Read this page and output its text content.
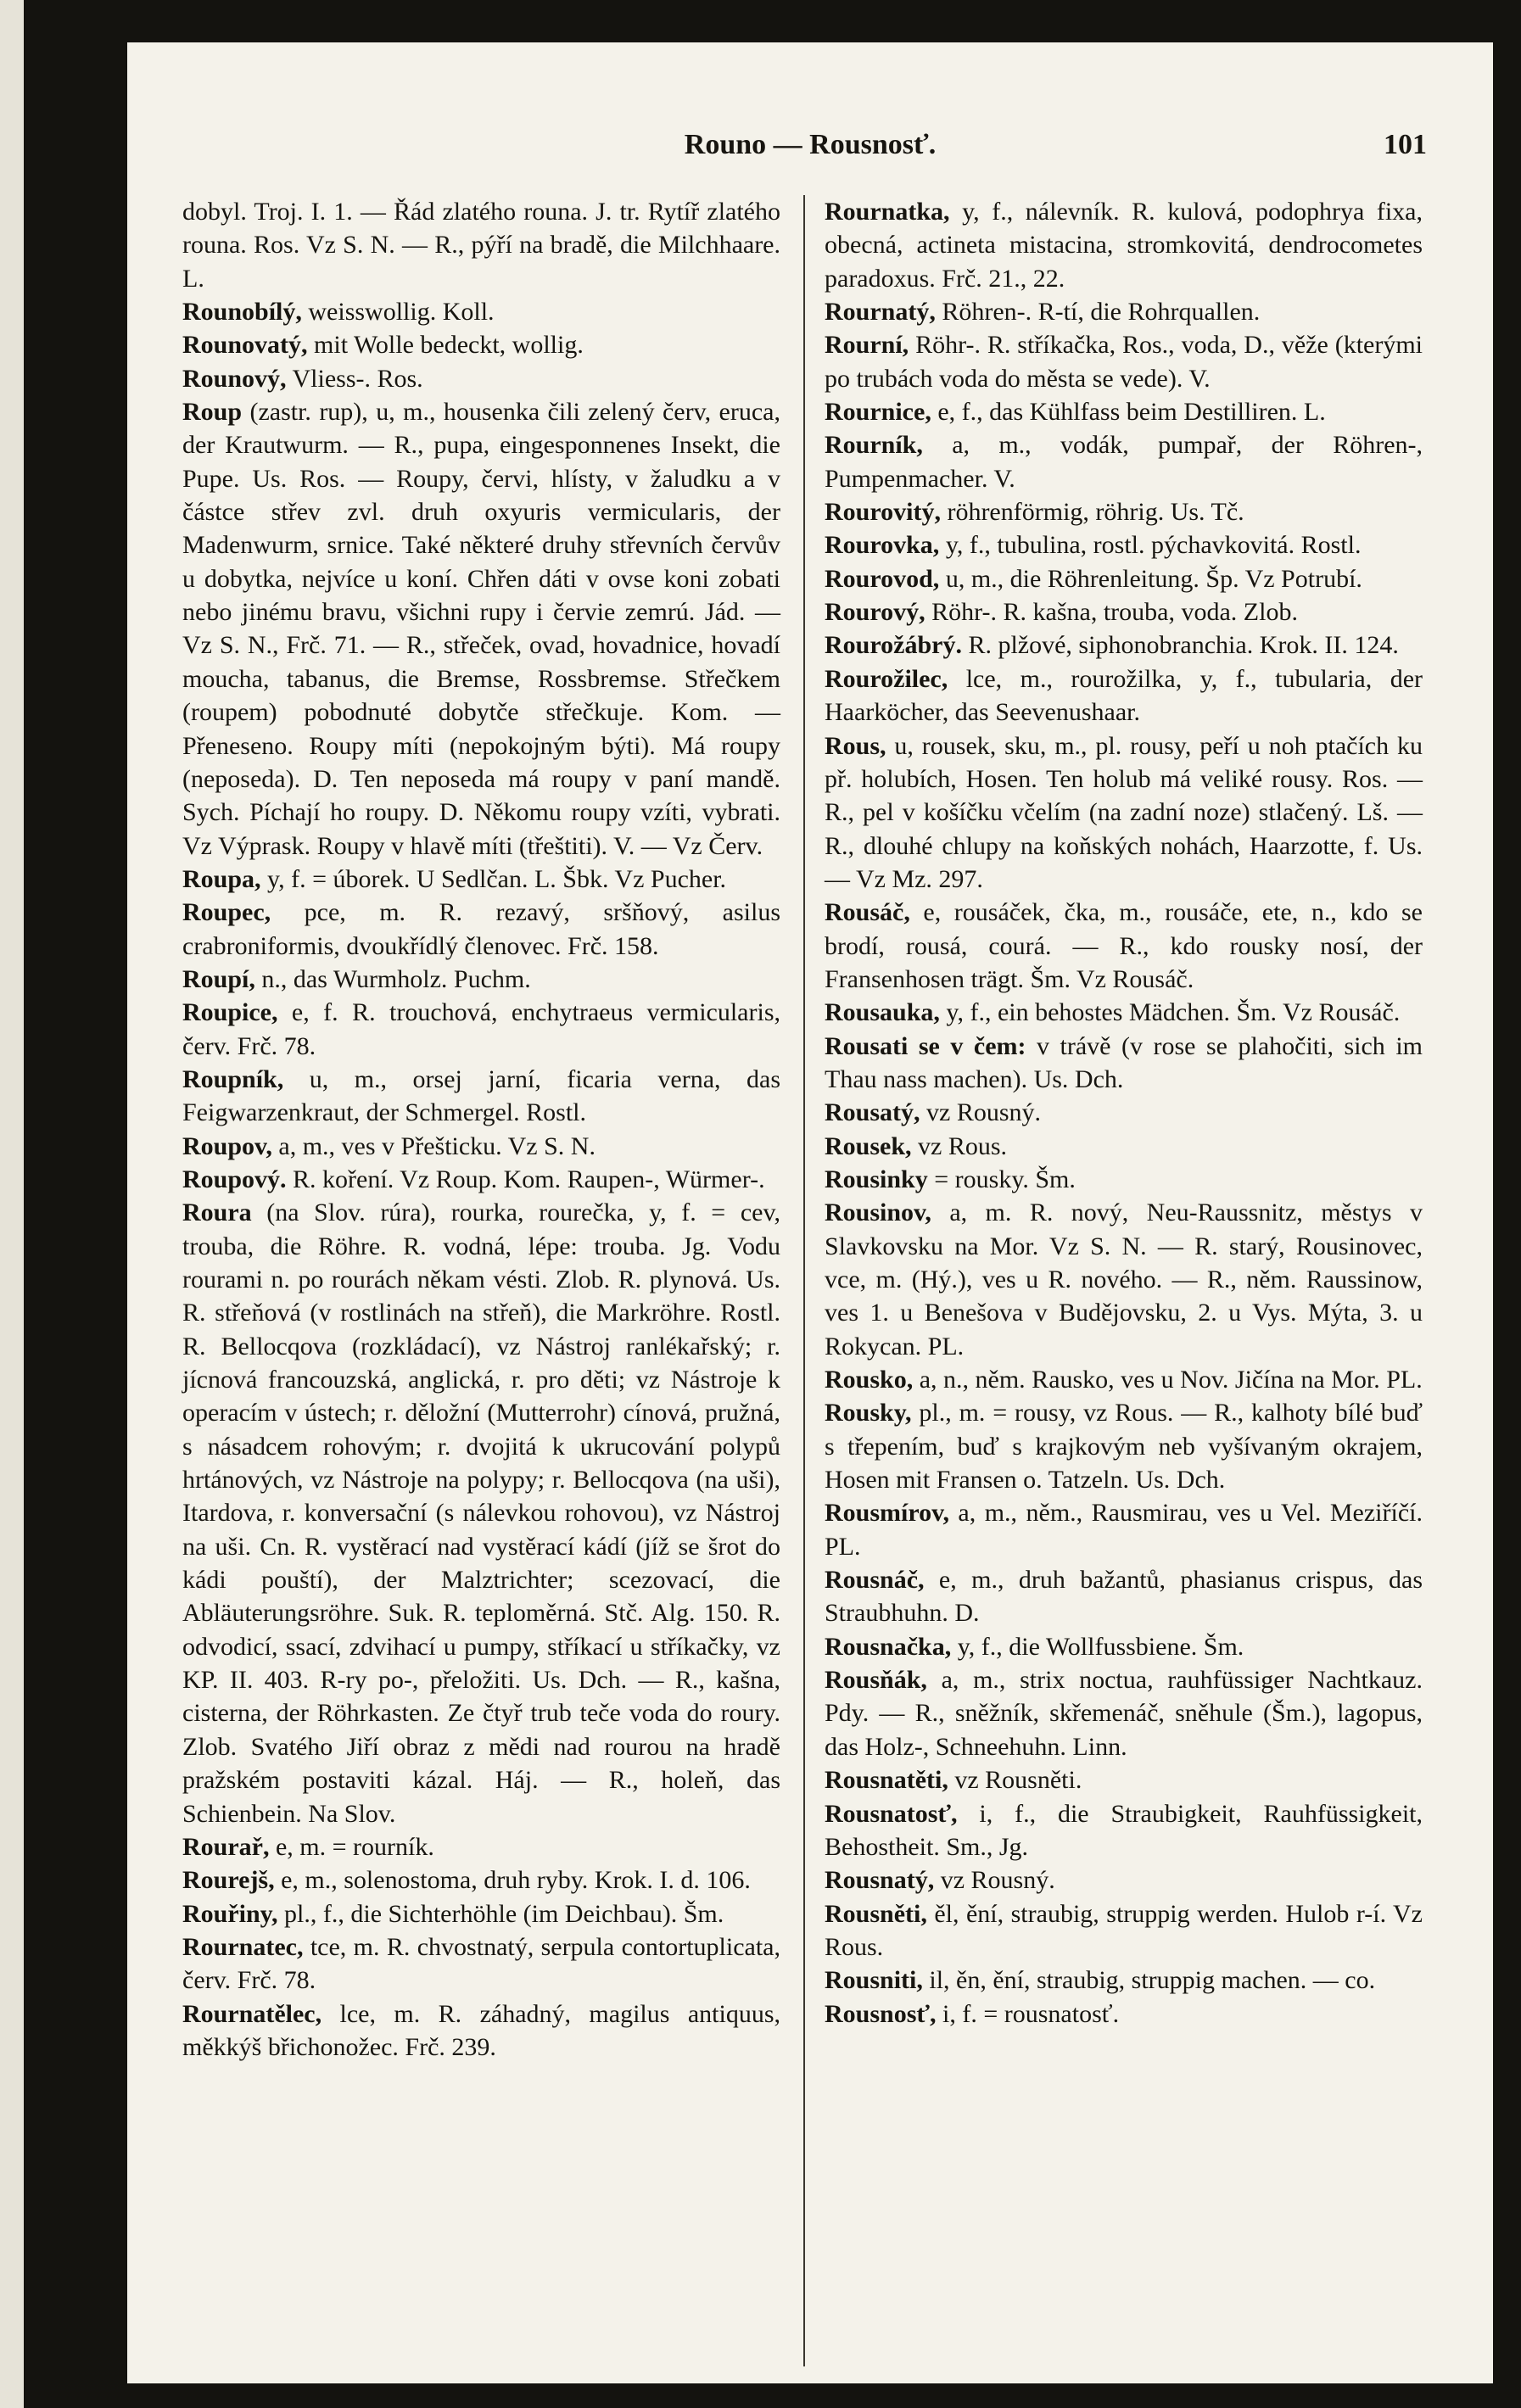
Rouno — Rousnosť.	101

dobyl. Troj. I. 1. — Řád zlatého rouna. J. tr. Rytíř zlatého rouna. Ros. Vz S. N. — R., pýří na bradě, die Milchhaare. L.

Rounobílý, weisswollig. Koll.

Rounovatý, mit Wolle bedeckt, wollig.

Rounový, Vliess-. Ros.

Roup (zastr. rup), u, m., housenka čili zelený červ, eruca, der Krautwurm. — R., pupa, eingesponnenes Insekt, die Pupe. Us. Ros. — Roupy, červi, hlísty, v žaludku a v částce střev zvl. druh oxyuris vermicularis, der Madenwurm, srnice. Také některé druhy střevních červův u dobytka, nejvíce u koní. Chřen dáti v ovse koni zobati nebo jinému bravu, všichni rupy i červie zemrú. Jád. — Vz S. N., Frč. 71. — R., střeček, ovad, hovadnice, hovadí moucha, tabanus, die Bremse, Rossbremse. Střečkem (roupem) pobodnuté dobytče střečkuje. Kom. — Přeneseno. Roupy míti (nepokojným býti). Má roupy (neposeda). D. Ten neposeda má roupy v paní mandě. Sych. Píchají ho roupy. D. Někomu roupy vzíti, vybrati. Vz Výprask. Roupy v hlavě míti (třeštiti). V. — Vz Červ.

Roupa, y, f. = úborek. U Sedlčan. L. Šbk. Vz Pucher.

Roupec, pce, m. R. rezavý, sršňový, asilus crabroniformis, dvoukřídlý členovec. Frč. 158.

Roupí, n., das Wurmholz. Puchm.

Roupice, e, f. R. trouchová, enchytraeus vermicularis, červ. Frč. 78.

Roupník, u, m., orsej jarní, ficaria verna, das Feigwarzenkraut, der Schmergel. Rostl.

Roupov, a, m., ves v Přešticku. Vz S. N.

Roupový. R. koření. Vz Roup. Kom. Raupen-, Würmer-.

Roura (na Slov. rúra), rourka, rourečka, y, f. = cev, trouba, die Röhre. R. vodná, lépe: trouba. Jg. Vodu rourami n. po rourách někam vésti. Zlob. R. plynová. Us. R. střeňová (v rostlinách na střeň), die Markröhre. Rostl. R. Bellocqova (rozkládací), vz Nástroj ranlékařský; r. jícnová francouzská, anglická, r. pro děti; vz Nástroje k operacím v ústech; r. děložní (Mutterrohr) cínová, pružná, s násadcem rohovým; r. dvojitá k ukrucování polypů hrtánových, vz Nástroje na polypy; r. Bellocqova (na uši), Itardova, r. konversační (s nálevkou rohovou), vz Nástroj na uši. Cn. R. vystěrací nad vystěrací kádí (jíž se šrot do kádi pouští), der Malztrichter; scezovací, die Abläuterungsröhre. Suk. R. teploměrná. Stč. Alg. 150. R. odvodicí, ssací, zdvihací u pumpy, stříkací u stříkačky, vz KP. II. 403. R-ry po-, přeložiti. Us. Dch. — R., kašna, cisterna, der Röhrkasten. Ze čtyř trub teče voda do roury. Zlob. Svatého Jiří obraz z mědi nad rourou na hradě pražském postaviti kázal. Háj. — R., holeň, das Schienbein. Na Slov.

Rourař, e, m. = rourník.

Rourejš, e, m., solenostoma, druh ryby. Krok. I. d. 106.

Rouřiny, pl., f., die Sichterhöhle (im Deichbau). Šm.

Rournatec, tce, m. R. chvostnatý, serpula contortuplicata, červ. Frč. 78.

Rournatělec, lce, m. R. záhadný, magilus antiquus, měkkýš břichonožec. Frč. 239.

Rournatka, y, f., nálevník. R. kulová, podophrya fixa, obecná, actineta mistacina, stromkovitá, dendrocometes paradoxus. Frč. 21., 22.

Rournatý, Röhren-. R-tí, die Rohrquallen.

Rourní, Röhr-. R. stříkačka, Ros., voda, D., věže (kterými po trubách voda do města se vede). V.

Rournice, e, f., das Kühlfass beim Destilliren. L.

Rourník, a, m., vodák, pumpař, der Röhren-, Pumpenmacher. V.

Rourovitý, röhrenförmig, röhrig. Us. Tč.

Rourovka, y, f., tubulina, rostl. pýchavkovitá. Rostl.

Rourovod, u, m., die Röhrenleitung. Šp. Vz Potrubí.

Rourový, Röhr-. R. kašna, trouba, voda. Zlob.

Rourožábrý. R. plžové, siphonobranchia. Krok. II. 124.

Rourožilec, lce, m., rourožilka, y, f., tubularia, der Haarköcher, das Seevenushaar.

Rous, u, rousek, sku, m., pl. rousy, peří u noh ptačích ku př. holubích, Hosen. Ten holub má veliké rousy. Ros. — R., pel v košíčku včelím (na zadní noze) stlačený. Lš. — R., dlouhé chlupy na koňských nohách, Haarzotte, f. Us. — Vz Mz. 297.

Rousáč, e, rousáček, čka, m., rousáče, ete, n., kdo se brodí, rousá, courá. — R., kdo rousky nosí, der Fransenhosen trägt. Šm. Vz Rousáč.

Rousauka, y, f., ein behostes Mädchen. Šm. Vz Rousáč.

Rousati se v čem: v trávě (v rose se plahočiti, sich im Thau nass machen). Us. Dch.

Rousatý, vz Rousný.

Rousek, vz Rous.

Rousinky = rousky. Šm.

Rousinov, a, m. R. nový, Neu-Raussnitz, městys v Slavkovsku na Mor. Vz S. N. — R. starý, Rousinovec, vce, m. (Hý.), ves u R. nového. — R., něm. Raussinow, ves 1. u Benešova v Budějovsku, 2. u Vys. Mýta, 3. u Rokycan. PL.

Rousko, a, n., něm. Rausko, ves u Nov. Jičína na Mor. PL.

Rousky, pl., m. = rousy, vz Rous. — R., kalhoty bílé buď s třepením, buď s krajkovým neb vyšívaným okrajem, Hosen mit Fransen o. Tatzeln. Us. Dch.

Rousmírov, a, m., něm., Rausmirau, ves u Vel. Meziříčí. PL.

Rousnáč, e, m., druh bažantů, phasianus crispus, das Straubhuhn. D.

Rousnačka, y, f., die Wollfussbiene. Šm.

Rousňák, a, m., strix noctua, rauhfüssiger Nachtkauz. Pdy. — R., sněžník, skřemenáč, sněhule (Šm.), lagopus, das Holz-, Schneehuhn. Linn.

Rousnatěti, vz Rousněti.

Rousnatosť, i, f., die Straubigkeit, Rauhfüssigkeit, Behostheit. Sm., Jg.

Rousnatý, vz Rousný.

Rousněti, ěl, ění, straubig, struppig werden. Hulob r-í. Vz Rous.

Rousniti, il, ěn, ění, straubig, struppig machen. — co.

Rousnosť, i, f. = rousnatosť.
